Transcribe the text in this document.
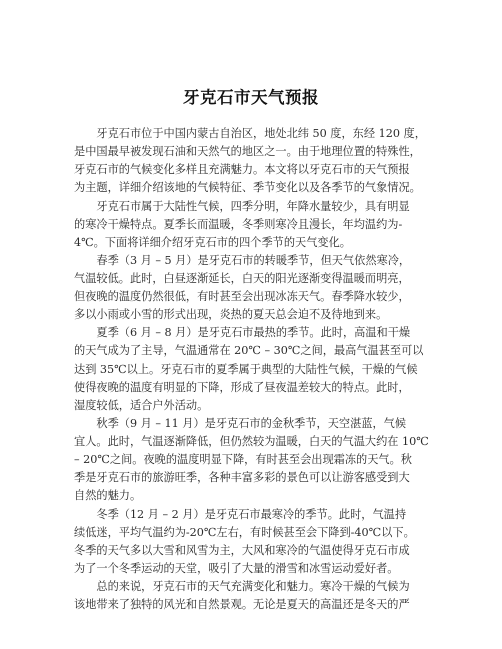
牙克石市天气预报
　　牙克石市位于中国内蒙古自治区，地处北纬 50 度，东经 120 度，
是中国最早被发现石油和天然气的地区之一。由于地理位置的特殊性，
牙克石市的气候变化多样且充满魅力。本文将以牙克石市的天气预报
为主题，详细介绍该地的气候特征、季节变化以及各季节的气象情况。
　　牙克石市属于大陆性气候，四季分明，年降水量较少，具有明显
的寒冷干燥特点。夏季长而温暖，冬季则寒冷且漫长，年均温约为-
4℃。下面将详细介绍牙克石市的四个季节的天气变化。
　　春季（3 月 – 5 月）是牙克石市的转暖季节，但天气依然寒冷，
气温较低。此时，白昼逐渐延长，白天的阳光逐渐变得温暖而明亮，
但夜晚的温度仍然很低，有时甚至会出现冰冻天气。春季降水较少，
多以小雨或小雪的形式出现，炎热的夏天总会迫不及待地到来。
　　夏季（6 月 – 8 月）是牙克石市最热的季节。此时，高温和干燥
的天气成为了主导，气温通常在 20℃ – 30℃之间，最高气温甚至可以
达到 35℃以上。牙克石市的夏季属于典型的大陆性气候，干燥的气候
使得夜晚的温度有明显的下降，形成了昼夜温差较大的特点。此时，
湿度较低，适合户外活动。
　　秋季（9 月 – 11 月）是牙克石市的金秋季节，天空湛蓝，气候
宜人。此时，气温逐渐降低，但仍然较为温暖，白天的气温大约在 10℃
– 20℃之间。夜晚的温度明显下降，有时甚至会出现霜冻的天气。秋
季是牙克石市的旅游旺季，各种丰富多彩的景色可以让游客感受到大
自然的魅力。
　　冬季（12 月 – 2 月）是牙克石市最寒冷的季节。此时，气温持
续低迷，平均气温约为-20℃左右，有时候甚至会下降到-40℃以下。
冬季的天气多以大雪和风雪为主，大风和寒冷的气温使得牙克石市成
为了一个冬季运动的天堂，吸引了大量的滑雪和冰雪运动爱好者。
　　总的来说，牙克石市的天气充满变化和魅力。寒冷干燥的气候为
该地带来了独特的风光和自然景观。无论是夏天的高温还是冬天的严
